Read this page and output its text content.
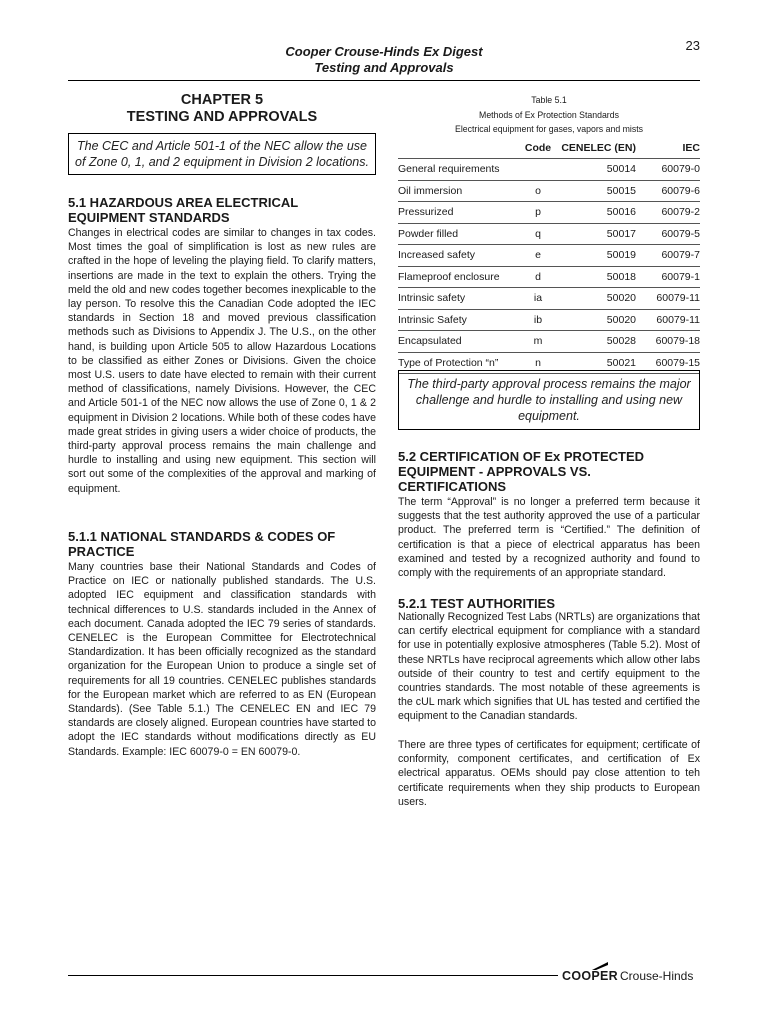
Cooper Crouse-Hinds Ex Digest
Testing and Approvals
23
CHAPTER 5
TESTING AND APPROVALS
The CEC and Article 501-1 of the NEC allow the use of Zone 0, 1, and 2 equipment in Division 2 locations.
5.1 HAZARDOUS AREA ELECTRICAL EQUIPMENT STANDARDS

Changes in electrical codes are similar to changes in tax codes. Most times the goal of simplification is lost as new rules are crafted in the hope of leveling the playing field. To clarify matters, insertions are made in the text to explain the others. Trying the meld the old and new codes together becomes inexplicable to the lay person. To resolve this the Canadian Code adopted the IEC standards in Section 18 and moved previous classification methods such as Divisions to Appendix J. The U.S., on the other hand, is building upon Article 505 to allow Hazardous Locations to be classified as either Zones or Divisions. Given the choice most U.S. users to date have elected to remain with their current method of classifications, namely Divisions. However, the CEC and Article 501-1 of the NEC now allows the use of Zone 0, 1 & 2 equipment in Division 2 locations. While both of these codes have made great strides in giving users a wider choice of products, the third-party approval process remains the main challenge and hurdle to installing and using new equipment. This section will sort out some of the complexities of the approval and marking of equipment.

5.1.1 NATIONAL STANDARDS & CODES OF PRACTICE

Many countries base their National Standards and Codes of Practice on IEC or nationally published standards. The U.S. adopted IEC equipment and classification standards with technical differences to U.S. standards included in the Annex of each document. Canada adopted the IEC 79 series of standards. CENELEC is the European Committee for Electrotechnical Standardization. It has been officially recognized as the standard organization for the European Union to produce a single set of requirements for all 19 countries. CENELEC publishes standards for the European market which are referred to as EN (European Standards). (See Table 5.1.) The CENELEC EN and IEC 79 standards are closely aligned. European countries have started to adopt the IEC standards without modifications directly as EU Standards. Example: IEC 60079-0 = EN 60079-0.

Table 5.1
Methods of Ex Protection Standards
Electrical equipment for gases, vapors and mists
	Code	CENELEC (EN)	IEC
General requirements		50014	60079-0
Oil immersion	o	50015	60079-6
Pressurized	p	50016	60079-2
Powder filled	q	50017	60079-5
Increased safety	e	50019	60079-7
Flameproof enclosure	d	50018	60079-1
Intrinsic safety	ia	50020	60079-11
Intrinsic Safety	ib	50020	60079-11
Encapsulated	m	50028	60079-18
Type of Protection “n”	n	50021	60079-15
The third-party approval process remains the major challenge and hurdle to installing and using new equipment.
5.2 CERTIFICATION OF Ex PROTECTED EQUIPMENT - APPROVALS VS. CERTIFICATIONS

The term “Approval” is no longer a preferred term because it suggests that the test authority approved the use of a particular product. The preferred term is “Certified.” The definition of certification is that a piece of electrical apparatus has been examined and tested by a recognized authority and found to comply with the requirements of an appropriate standard.

5.2.1 TEST AUTHORITIES

Nationally Recognized Test Labs (NRTLs) are organizations that can certify electrical equipment for compliance with a standard for use in potentially explosive atmospheres (Table 5.2). Most of these NRTLs have reciprocal agreements which allow other labs outside of their country to test and certify equipment to the countries standards. The most notable of these agreements is the cUL mark which signifies that UL has tested and certified the equipment to the Canadian standards.

There are three types of certificates for equipment; certificate of conformity, component certificates, and certification of Ex electrical apparatus. OEMs should pay close attention to teh certificate requirements when they ship products to European users.

COOPER Crouse-Hinds
